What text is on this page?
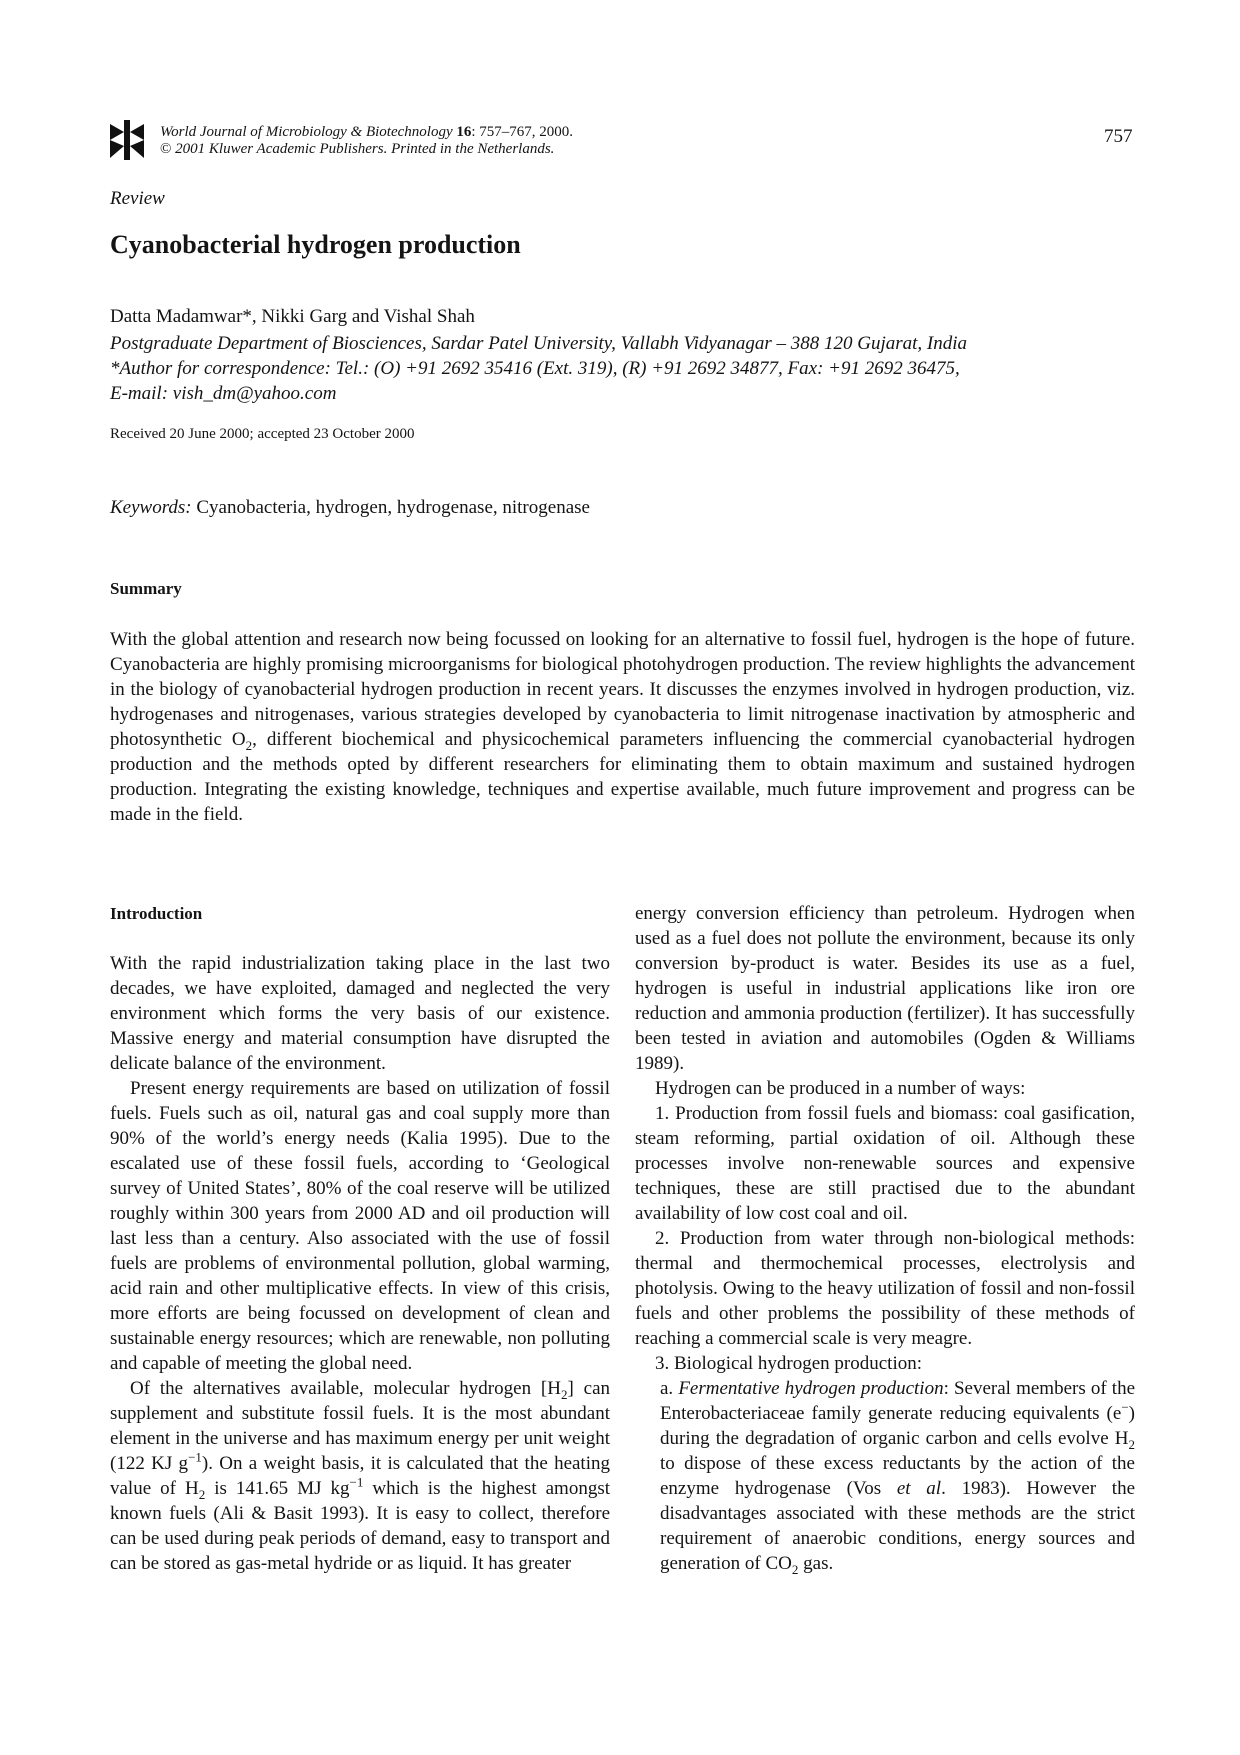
World Journal of Microbiology & Biotechnology 16: 757–767, 2000.
© 2001 Kluwer Academic Publishers. Printed in the Netherlands.
757
Review
Cyanobacterial hydrogen production
Datta Madamwar*, Nikki Garg and Vishal Shah
Postgraduate Department of Biosciences, Sardar Patel University, Vallabh Vidyanagar – 388 120 Gujarat, India
*Author for correspondence: Tel.: (O) +91 2692 35416 (Ext. 319), (R) +91 2692 34877, Fax: +91 2692 36475,
E-mail: vish_dm@yahoo.com
Received 20 June 2000; accepted 23 October 2000
Keywords: Cyanobacteria, hydrogen, hydrogenase, nitrogenase
Summary

With the global attention and research now being focussed on looking for an alternative to fossil fuel, hydrogen is the hope of future. Cyanobacteria are highly promising microorganisms for biological photohydrogen production. The review highlights the advancement in the biology of cyanobacterial hydrogen production in recent years. It discusses the enzymes involved in hydrogen production, viz. hydrogenases and nitrogenases, various strategies developed by cyanobacteria to limit nitrogenase inactivation by atmospheric and photosynthetic $O_2$, different biochemical and physicochemical parameters influencing the commercial cyanobacterial hydrogen production and the methods opted by different researchers for eliminating them to obtain maximum and sustained hydrogen production. Integrating the existing knowledge, techniques and expertise available, much future improvement and progress can be made in the field.

Introduction

With the rapid industrialization taking place in the last two decades, we have exploited, damaged and neglected the very environment which forms the very basis of our existence. Massive energy and material consumption have disrupted the delicate balance of the environment.

Present energy requirements are based on utilization of fossil fuels. Fuels such as oil, natural gas and coal supply more than 90% of the world’s energy needs (Kalia 1995). Due to the escalated use of these fossil fuels, according to ‘Geological survey of United States’, 80% of the coal reserve will be utilized roughly within 300 years from 2000 AD and oil production will last less than a century. Also associated with the use of fossil fuels are problems of environmental pollution, global warming, acid rain and other multiplicative effects. In view of this crisis, more efforts are being focussed on development of clean and sustainable energy resources; which are renewable, non polluting and capable of meeting the global need.

Of the alternatives available, molecular hydrogen $[H_2]$ can supplement and substitute fossil fuels. It is the most abundant element in the universe and has maximum energy per unit weight (122 KJ $g^{-1}$). On a weight basis, it is calculated that the heating value of $H_2$ is 141.65 MJ $kg^{-1}$ which is the highest amongst known fuels (Ali & Basit 1993). It is easy to collect, therefore can be used during peak periods of demand, easy to transport and can be stored as gas-metal hydride or as liquid. It has greater

energy conversion efficiency than petroleum. Hydrogen when used as a fuel does not pollute the environment, because its only conversion by-product is water. Besides its use as a fuel, hydrogen is useful in industrial applications like iron ore reduction and ammonia production (fertilizer). It has successfully been tested in aviation and automobiles (Ogden & Williams 1989).

Hydrogen can be produced in a number of ways:

1. Production from fossil fuels and biomass: coal gasification, steam reforming, partial oxidation of oil. Although these processes involve non-renewable sources and expensive techniques, these are still practised due to the abundant availability of low cost coal and oil.

2. Production from water through non-biological methods: thermal and thermochemical processes, electrolysis and photolysis. Owing to the heavy utilization of fossil and non-fossil fuels and other problems the possibility of these methods of reaching a commercial scale is very meagre.

3. Biological hydrogen production:

a. Fermentative hydrogen production: Several members of the Enterobacteriaceae family generate reducing equivalents (e−) during the degradation of organic carbon and cells evolve $H_2$ to dispose of these excess reductants by the action of the enzyme hydrogenase (Vos et al. 1983). However the disadvantages associated with these methods are the strict requirement of anaerobic conditions, energy sources and generation of $CO_2$ gas.
